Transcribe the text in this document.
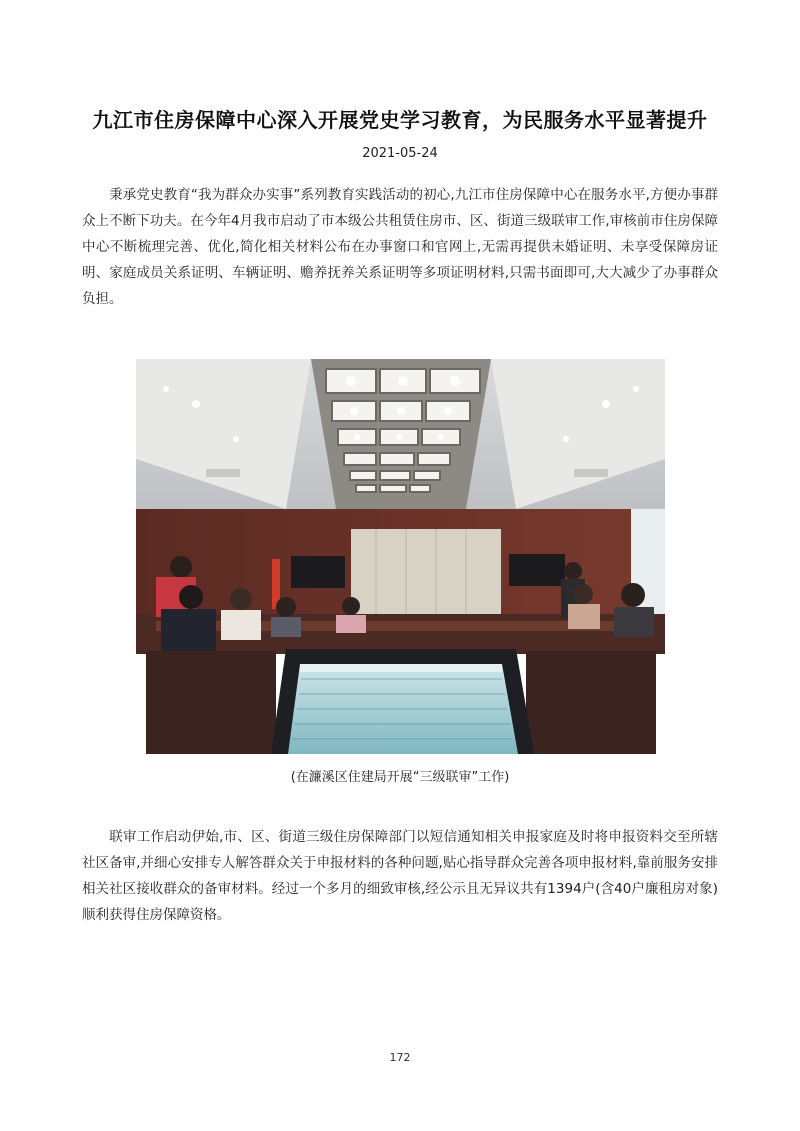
九江市住房保障中心深入开展党史学习教育，为民服务水平显著提升
2021-05-24
秉承党史教育“我为群众办实事”系列教育实践活动的初心,九江市住房保障中心在服务水平,方便办事群众上不断下功夫。在今年4月我市启动了市本级公共租赁住房市、区、街道三级联审工作,审核前市住房保障中心不断梳理完善、优化,简化相关材料公布在办事窗口和官网上,无需再提供未婚证明、未享受保障房证明、家庭成员关系证明、车辆证明、赡养抚养关系证明等多项证明材料,只需书面即可,大大减少了办事群众负担。
(在濂溪区住建局开展“三级联审”工作)
联审工作启动伊始,市、区、街道三级住房保障部门以短信通知相关申报家庭及时将申报资料交至所辖社区备审,并细心安排专人解答群众关于申报材料的各种问题,贴心指导群众完善各项申报材料,靠前服务安排相关社区接收群众的备审材料。经过一个多月的细致审核,经公示且无异议共有1394户(含40户廉租房对象)顺利获得住房保障资格。
172
